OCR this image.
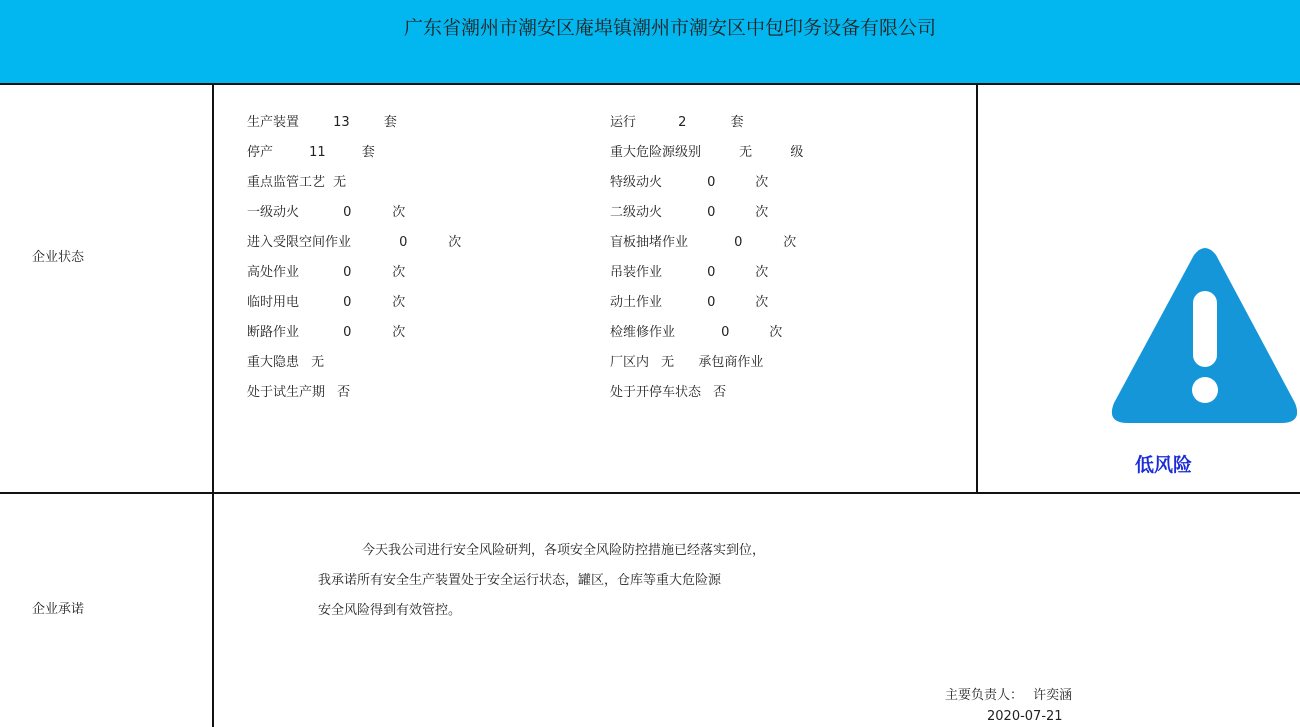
广东省潮州市潮安区庵埠镇潮州市潮安区中包印务设备有限公司
企业状态
生产装置	13	套
停产	11	套
重点监管工艺 无
一级动火	0	次
进入受限空间作业	0	次
高处作业	0	次
临时用电	0	次
断路作业	0	次
重大隐患 无
处于试生产期 否
运行	2	套
重大危险源级别	无	级
特级动火	0	次
二级动火	0	次
盲板抽堵作业	0	次
吊装作业	0	次
动土作业	0	次
检维修作业	0	次
厂区内 无 承包商作业
处于开停车状态 否
低风险
企业承诺
今天我公司进行安全风险研判，各项安全风险防控措施已经落实到位，
我承诺所有安全生产装置处于安全运行状态，罐区，仓库等重大危险源
安全风险得到有效管控。
主要负责人： 许奕涵
2020-07-21
